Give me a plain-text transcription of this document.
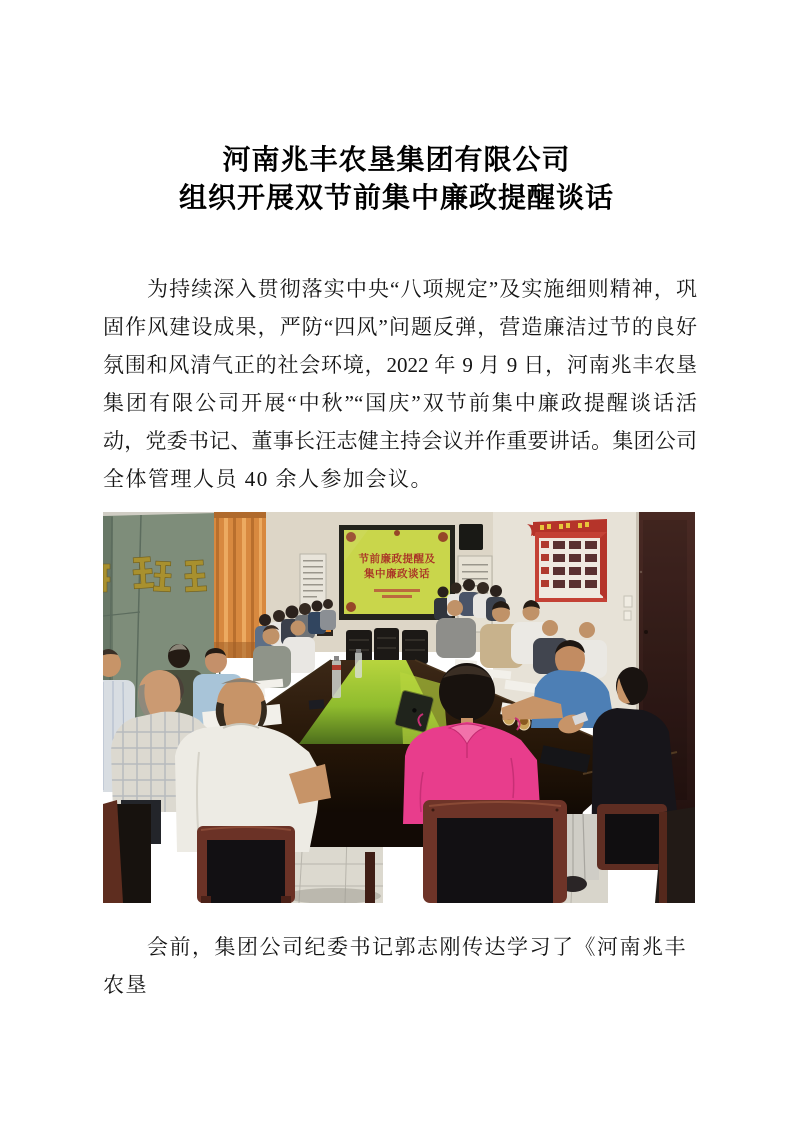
河南兆丰农垦集团有限公司
组织开展双节前集中廉政提醒谈话
为持续深入贯彻落实中央“八项规定”及实施细则精神，巩
固作风建设成果，严防“四风”问题反弹，营造廉洁过节的良好
氛围和风清气正的社会环境，2022 年 9 月 9 日，河南兆丰农垦
集团有限公司开展“中秋”“国庆”双节前集中廉政提醒谈话活
动，党委书记、董事长汪志健主持会议并作重要讲话。集团公司
全体管理人员 40 余人参加会议。
节前廉政提醒及
集中廉政谈话
会前，集团公司纪委书记郭志刚传达学习了《河南兆丰农垦
